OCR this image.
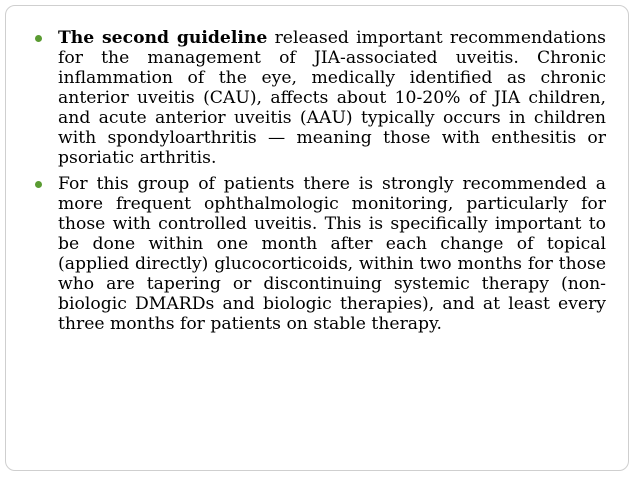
The second guideline released important recommendations for the management of JIA-associated uveitis. Chronic inflammation of the eye, medically identified as chronic anterior uveitis (CAU), affects about 10-20% of JIA children, and acute anterior uveitis (AAU) typically occurs in children with spondyloarthritis — meaning those with enthesitis or psoriatic arthritis.
For this group of patients there is strongly recommended a more frequent ophthalmologic monitoring, particularly for those with controlled uveitis. This is specifically important to be done within one month after each change of topical (applied directly) glucocorticoids, within two months for those who are tapering or discontinuing systemic therapy (non-biologic DMARDs and biologic therapies), and at least every three months for patients on stable therapy.
